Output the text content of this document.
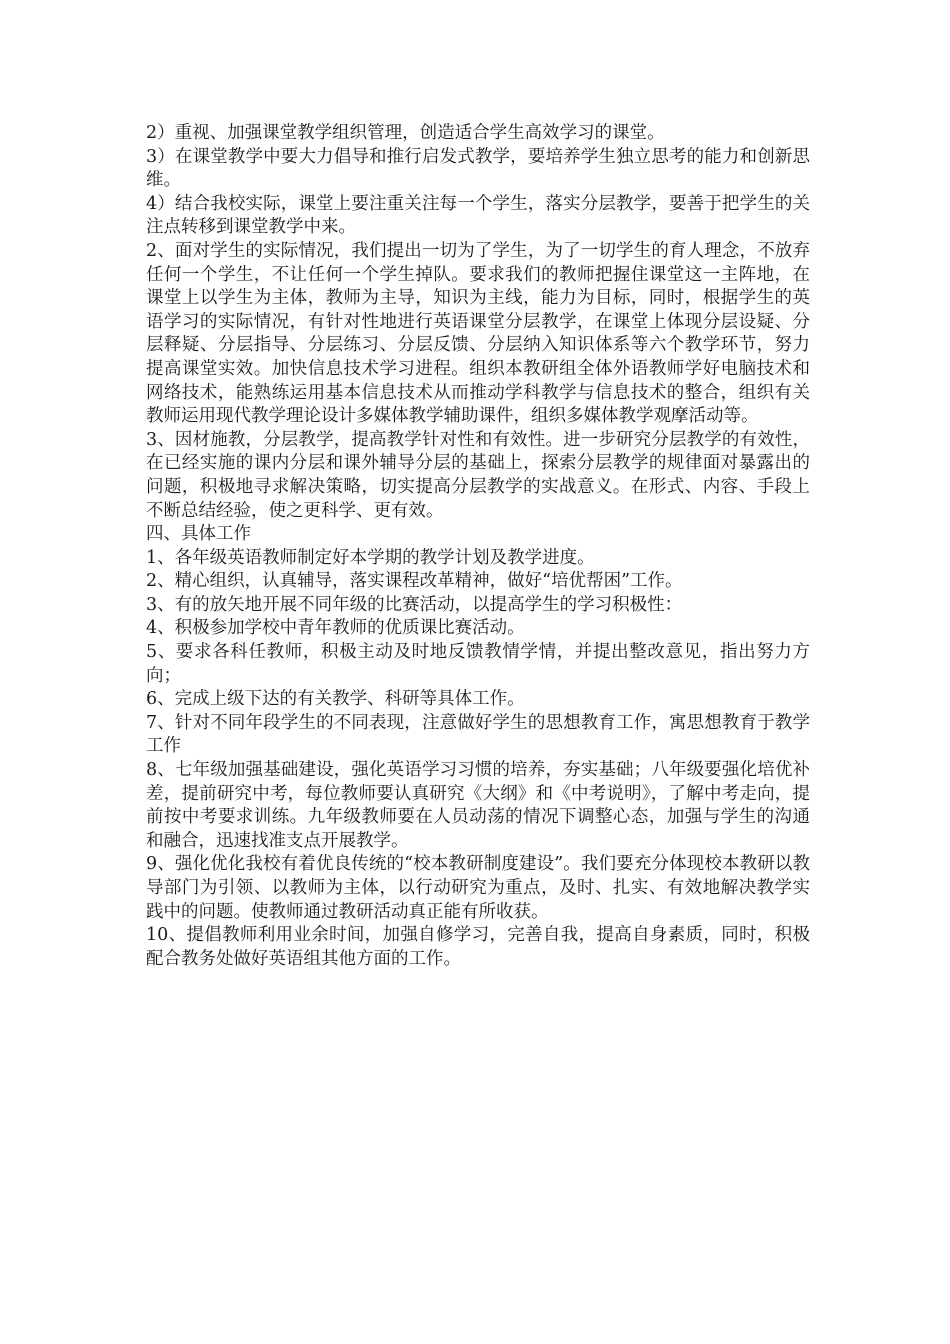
2）重视、加强课堂教学组织管理，创造适合学生高效学习的课堂。

3）在课堂教学中要大力倡导和推行启发式教学，要培养学生独立思考的能力和创新思维。

4）结合我校实际，课堂上要注重关注每一个学生，落实分层教学，要善于把学生的关注点转移到课堂教学中来。

2、面对学生的实际情况，我们提出一切为了学生，为了一切学生的育人理念，不放弃任何一个学生，不让任何一个学生掉队。要求我们的教师把握住课堂这一主阵地，在课堂上以学生为主体，教师为主导，知识为主线，能力为目标，同时，根据学生的英语学习的实际情况，有针对性地进行英语课堂分层教学，在课堂上体现分层设疑、分层释疑、分层指导、分层练习、分层反馈、分层纳入知识体系等六个教学环节，努力提高课堂实效。加快信息技术学习进程。组织本教研组全体外语教师学好电脑技术和网络技术，能熟练运用基本信息技术从而推动学科教学与信息技术的整合，组织有关教师运用现代教学理论设计多媒体教学辅助课件，组织多媒体教学观摩活动等。

3、因材施教，分层教学，提高教学针对性和有效性。进一步研究分层教学的有效性，在已经实施的课内分层和课外辅导分层的基础上，探索分层教学的规律面对暴露出的问题，积极地寻求解决策略，切实提高分层教学的实战意义。在形式、内容、手段上不断总结经验，使之更科学、更有效。

四、具体工作

1、各年级英语教师制定好本学期的教学计划及教学进度。

2、精心组织，认真辅导，落实课程改革精神，做好“培优帮困”工作。

3、有的放矢地开展不同年级的比赛活动，以提高学生的学习积极性：

4、积极参加学校中青年教师的优质课比赛活动。

5、要求各科任教师，积极主动及时地反馈教情学情，并提出整改意见，指出努力方向；

6、完成上级下达的有关教学、科研等具体工作。

7、针对不同年段学生的不同表现，注意做好学生的思想教育工作，寓思想教育于教学工作

8、七年级加强基础建设，强化英语学习习惯的培养，夯实基础；八年级要强化培优补差，提前研究中考，每位教师要认真研究《大纲》和《中考说明》，了解中考走向，提前按中考要求训练。九年级教师要在人员动荡的情况下调整心态，加强与学生的沟通和融合，迅速找准支点开展教学。

9、强化优化我校有着优良传统的“校本教研制度建设”。我们要充分体现校本教研以教导部门为引领、以教师为主体，以行动研究为重点，及时、扎实、有效地解决教学实践中的问题。使教师通过教研活动真正能有所收获。

10、提倡教师利用业余时间，加强自修学习，完善自我，提高自身素质，同时，积极配合教务处做好英语组其他方面的工作。
